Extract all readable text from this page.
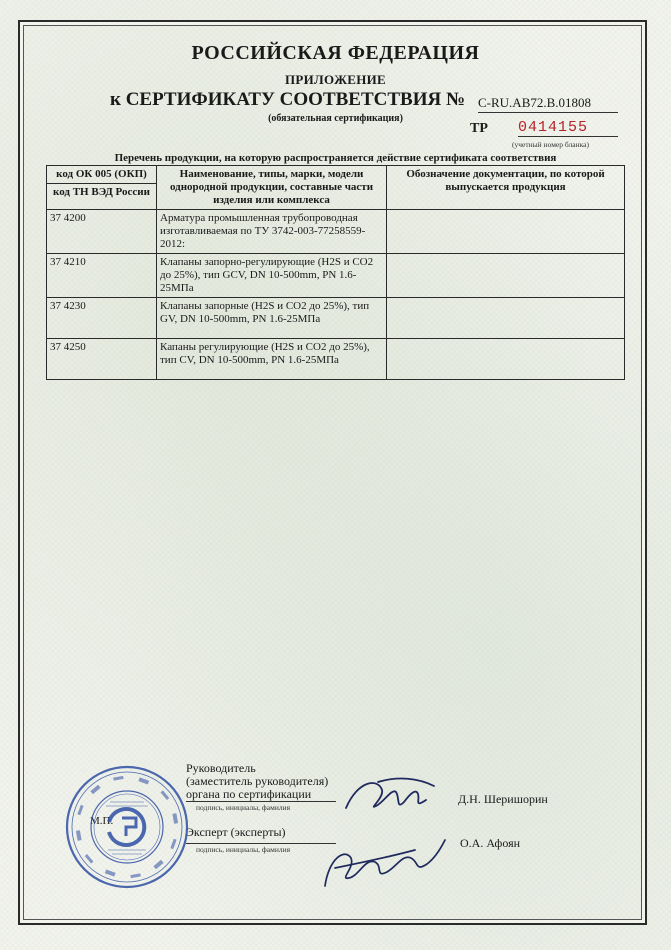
РОССИЙСКАЯ ФЕДЕРАЦИЯ
ПРИЛОЖЕНИЕ
к СЕРТИФИКАТУ СООТВЕТСТВИЯ № C-RU.AB72.B.01808
(обязательная сертификация)
ТР 0414155
(учетный номер бланка)
Перечень продукции, на которую распространяется действие сертификата соответствия
код ОК 005 (ОКП)
код ТН ВЭД России	Наименование, типы, марки, модели однородной продукции, составные части изделия или комплекса	Обозначение документации, по которой выпускается продукция
37 4200	Арматура промышленная трубопроводная изготавливаемая по ТУ 3742-003-77258559-2012:	
37 4210	Клапаны запорно-регулирующие (H2S и CO2 до 25%), тип GCV, DN 10-500mm, PN 1.6-25МПа	
37 4230	Клапаны запорные (H2S и CO2 до 25%), тип GV, DN 10-500mm, PN 1.6-25МПа	
37 4250	Капаны регулирующие (H2S и CO2 до 25%), тип CV, DN 10-500mm, PN 1.6-25МПа	
Руководитель
(заместитель руководителя)
органа по сертификации
подпись, инициалы, фамилия
Д.Н. Шеришорин
Эксперт (эксперты)
подпись, инициалы, фамилия	О.А. Афоян
М.П.
